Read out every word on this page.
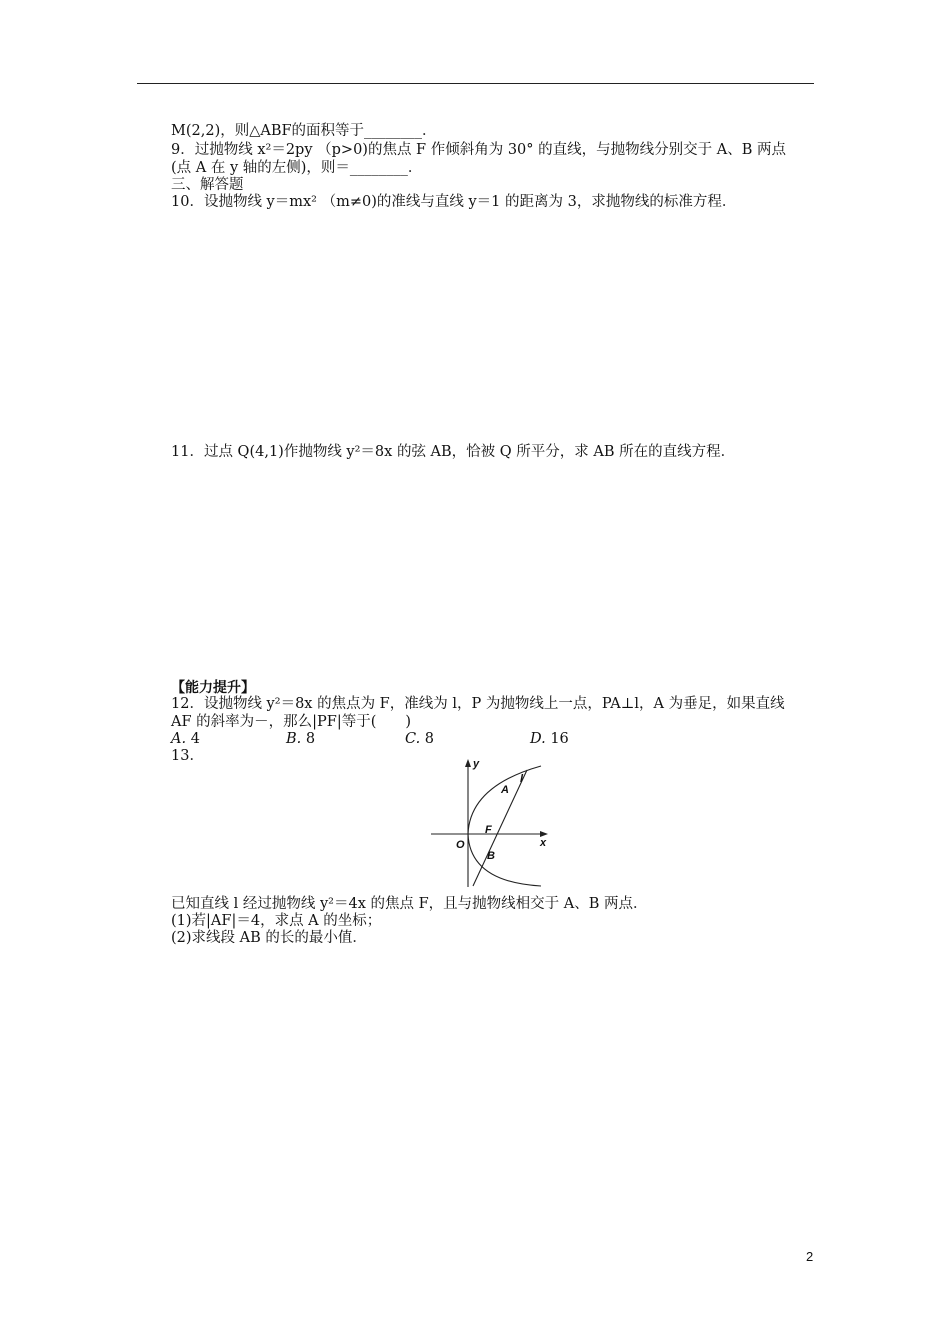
M(2,2)，则△ABF的面积等于________．
9．过抛物线 x²＝2py （p>0)的焦点 F 作倾斜角为 30° 的直线，与抛物线分别交于 A、B 两点
(点 A 在 y 轴的左侧)，则＝________．
三、解答题
10．设抛物线 y＝mx² （m≠0)的准线与直线 y＝1 的距离为 3，求抛物线的标准方程．
11．过点 Q(4,1)作抛物线 y²＝8x 的弦 AB，恰被 Q 所平分，求 AB 所在的直线方程．
【能力提升】
12．设抛物线 y²＝8x 的焦点为 F，准线为 l，P 为抛物线上一点，PA⊥l，A 为垂足，如果直线
AF 的斜率为－，那么|PF|等于(　　)
A. 4	B. 8	C. 8	D. 16
13．	y
x
O
l
A
F
B
已知直线 l 经过抛物线 y²＝4x 的焦点 F，且与抛物线相交于 A、B 两点．
(1)若|AF|＝4，求点 A 的坐标；
(2)求线段 AB 的长的最小值．
2
